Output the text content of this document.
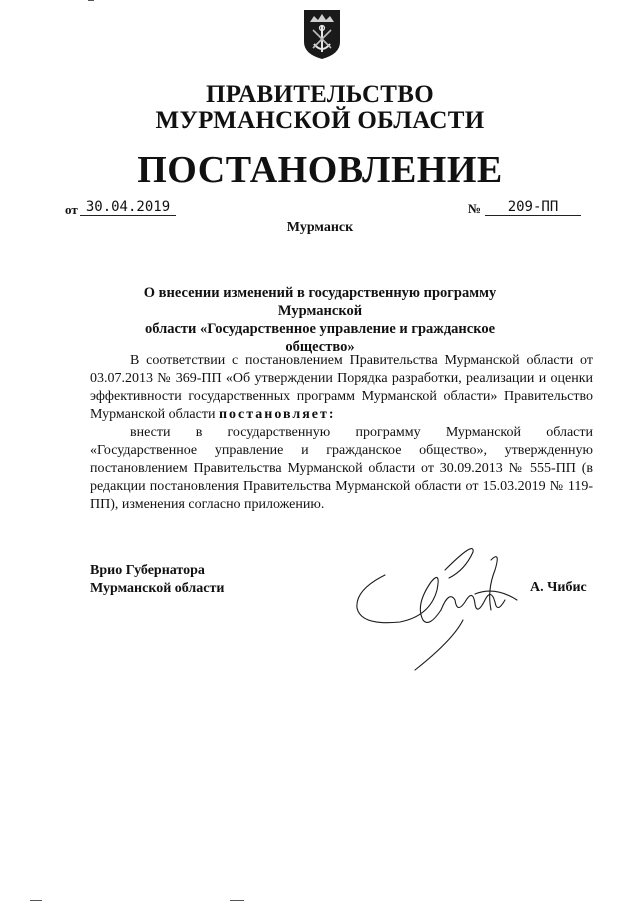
ПРАВИТЕЛЬСТВО
МУРМАНСКОЙ ОБЛАСТИ
ПОСТАНОВЛЕНИЕ
от 30.04.2019	№	209-ПП
Мурманск
О внесении изменений в государственную программу Мурманской
области «Государственное управление и гражданское общество»
В соответствии с постановлением Правительства Мурманской области от 03.07.2013 № 369-ПП «Об утверждении Порядка разработки, реализации и оценки эффективности государственных программ Мурманской области» Правительство Мурманской области постановляет:
внести в государственную программу Мурманской области «Государственное управление и гражданское общество», утвержденную постановлением Правительства Мурманской области от 30.09.2013 № 555-ПП (в редакции постановления Правительства Мурманской области от 15.03.2019 № 119-ПП), изменения согласно приложению.
Врио Губернатора
Мурманской области	А. Чибис
